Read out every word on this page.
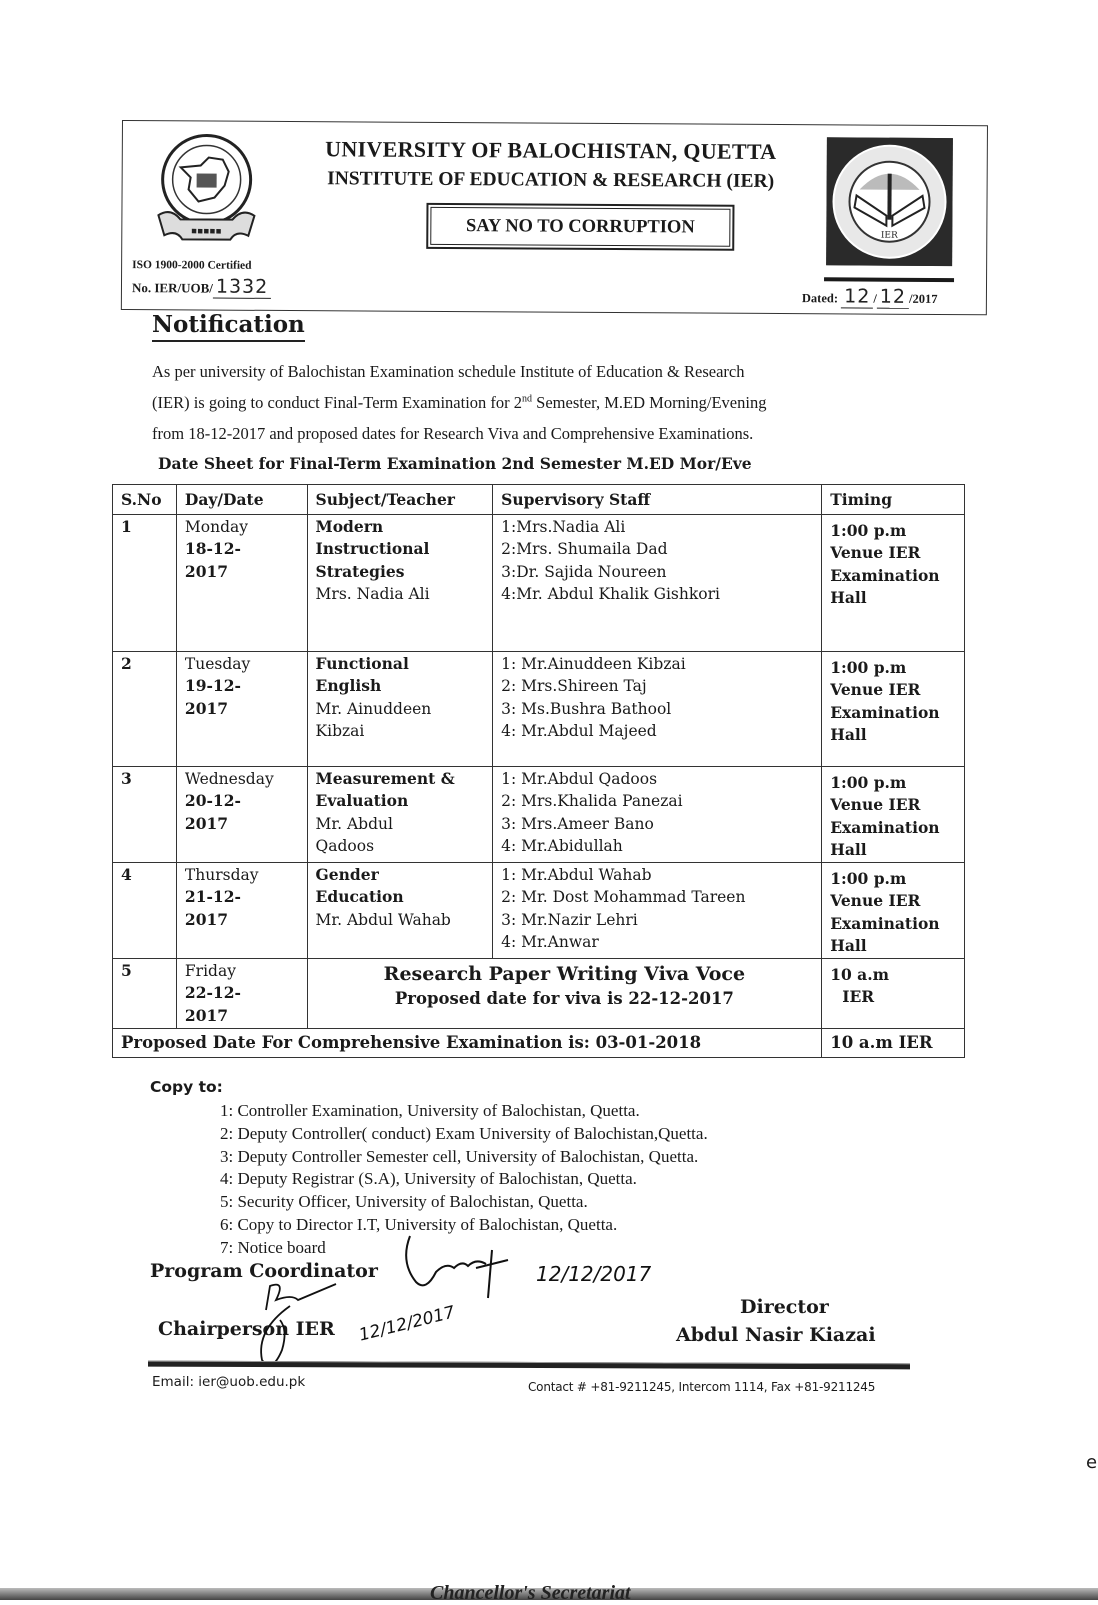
▪▪▪▪▪
UNIVERSITY OF BALOCHISTAN, QUETTA
INSTITUTE OF EDUCATION & RESEARCH (IER)
SAY NO TO CORRUPTION
ISO 1900-2000 Certified
No. IER/UOB/ 1332
IER
Dated: 12 / 12 /2017
Notification
As per university of Balochistan Examination schedule Institute of Education & Research
(IER) is going to conduct Final-Term Examination for 2nd Semester, M.ED Morning/Evening
from 18-12-2017 and proposed dates for Research Viva and Comprehensive Examinations.
Date Sheet for Final-Term Examination 2nd Semester M.ED Mor/Eve
S.No	Day/Date	Subject/Teacher	Supervisory Staff	Timing
1	Monday
18-12-
2017	Modern
Instructional
Strategies
Mrs. Nadia Ali	1:Mrs.Nadia Ali
2:Mrs. Shumaila Dad
3:Dr. Sajida Noureen
4:Mr. Abdul Khalik Gishkori	1:00 p.m
Venue IER
Examination
Hall

2	Tuesday
19-12-
2017	Functional
English
Mr. Ainuddeen
Kibzai	1: Mr.Ainuddeen Kibzai
2: Mrs.Shireen Taj
3: Ms.Bushra Bathool
4: Mr.Abdul Majeed	1:00 p.m
Venue IER
Examination
Hall

3	Wednesday
20-12-
2017	Measurement &
Evaluation
Mr. Abdul
Qadoos	1: Mr.Abdul Qadoos
2: Mrs.Khalida Panezai
3: Mrs.Ameer Bano
4: Mr.Abidullah	1:00 p.m
Venue IER
Examination
Hall

4	Thursday
21-12-
2017	Gender
Education
Mr. Abdul Wahab	1: Mr.Abdul Wahab
2: Mr. Dost Mohammad Tareen
3: Mr.Nazir Lehri
4: Mr.Anwar	1:00 p.m
Venue IER
Examination
Hall

5	Friday
22-12-
2017	Research Paper Writing Viva Voce
Proposed date for viva is 22-12-2017		10 a.m
IER

Proposed Date For Comprehensive Examination is: 03-01-2018				10 a.m IER
Copy to:
1: Controller Examination, University of Balochistan, Quetta.
2: Deputy Controller( conduct) Exam University of Balochistan,Quetta.
3: Deputy Controller Semester cell, University of Balochistan, Quetta.
4: Deputy Registrar (S.A), University of Balochistan, Quetta.
5: Security Officer, University of Balochistan, Quetta.
6: Copy to Director I.T, University of Balochistan, Quetta.
7: Notice board
Program Coordinator	12/12/2017
Chairperson IER 12/12/2017	Director
Abdul Nasir Kiazai
Email: ier@uob.edu.pk	Contact # +81-9211245, Intercom 1114, Fax +81-9211245
e
Chancellor's Secretariat
